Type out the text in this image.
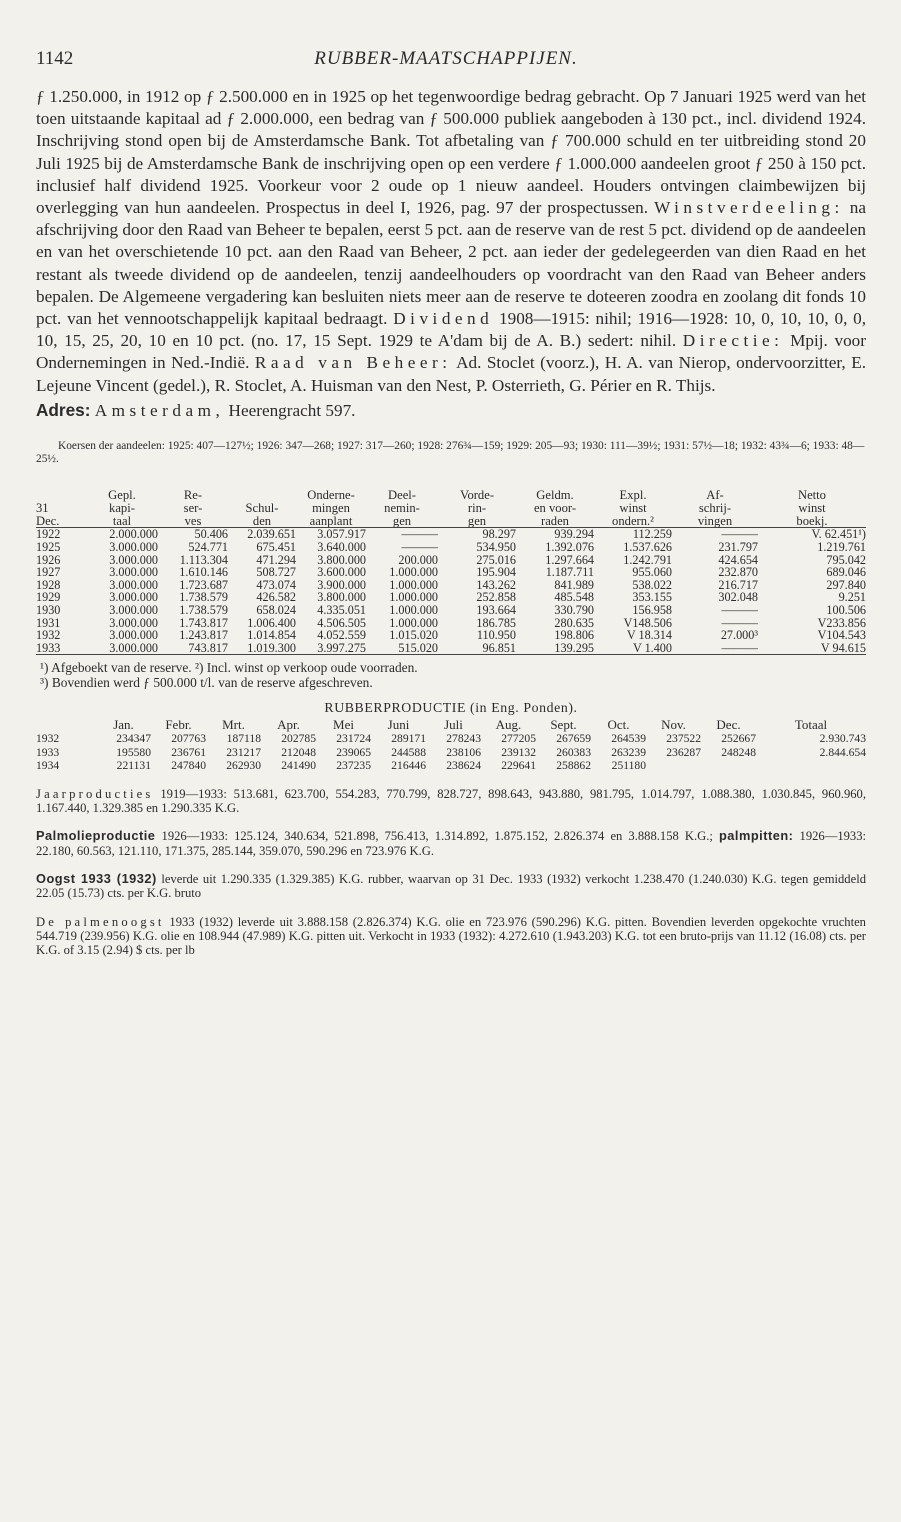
1142	RUBBER-MAATSCHAPPIJEN.

ƒ 1.250.000, in 1912 op ƒ 2.500.000 en in 1925 op het tegenwoordige bedrag gebracht. Op 7 Januari 1925 werd van het toen uitstaande kapitaal ad ƒ 2.000.000, een bedrag van ƒ 500.000 publiek aangeboden à 130 pct., incl. dividend 1924. Inschrijving stond open bij de Amsterdamsche Bank. Tot afbetaling van ƒ 700.000 schuld en ter uitbreiding stond 20 Juli 1925 bij de Amsterdamsche Bank de inschrijving open op een verdere ƒ 1.000.000 aandeelen groot ƒ 250 à 150 pct. inclusief half dividend 1925. Voorkeur voor 2 oude op 1 nieuw aandeel. Houders ontvingen claimbewijzen bij overlegging van hun aandeelen. Prospectus in deel I, 1926, pag. 97 der prospectussen. Winstverdeeling: na afschrijving door den Raad van Beheer te bepalen, eerst 5 pct. aan de reserve van de rest 5 pct. dividend op de aandeelen en van het overschietende 10 pct. aan den Raad van Beheer, 2 pct. aan ieder der gedelegeerden van dien Raad en het restant als tweede dividend op de aandeelen, tenzij aandeelhouders op voordracht van den Raad van Beheer anders bepalen. De Algemeene vergadering kan besluiten niets meer aan de reserve te doteeren zoodra en zoolang dit fonds 10 pct. van het vennootschappelijk kapitaal bedraagt. Dividend 1908—1915: nihil; 1916—1928: 10, 0, 10, 10, 0, 0, 10, 15, 25, 20, 10 en 10 pct. (no. 17, 15 Sept. 1929 te A'dam bij de A. B.) sedert: nihil. Directie: Mpij. voor Ondernemingen in Ned.-Indië. Raad van Beheer: Ad. Stoclet (voorz.), H. A. van Nierop, ondervoorzitter, E. Lejeune Vincent (gedel.), R. Stoclet, A. Huisman van den Nest, P. Osterrieth, G. Périer en R. Thijs.

Adres: Amsterdam, Heerengracht 597.

Koersen der aandeelen: 1925: 407—127½; 1926: 347—268; 1927: 317—260; 1928: 276¾—159; 1929: 205—93; 1930: 111—39½; 1931: 57½—18; 1932: 43¾—6; 1933: 48—25½.

	Gepl.	Re-		Onderne-	Deel-	Vorde-	Geldm.	Expl.	Af-	Netto
31	kapi-	ser-	Schul-	mingen	nemin-	rin-	en voor-	winst	schrij-	winst
Dec.	taal	ves	den	aanplant	gen	gen	raden	ondern.²	vingen	boekj.
1922	2.000.000	50.406	2.039.651	3.057.917	———	98.297	939.294	112.259	———	V. 62.451¹)
1925	3.000.000	524.771	675.451	3.640.000	———	534.950	1.392.076	1.537.626	231.797	1.219.761
1926	3.000.000	1.113.304	471.294	3.800.000	200.000	275.016	1.297.664	1.242.791	424.654	795.042
1927	3.000.000	1.610.146	508.727	3.600.000	1.000.000	195.904	1.187.711	955.060	232.870	689.046
1928	3.000.000	1.723.687	473.074	3.900.000	1.000.000	143.262	841.989	538.022	216.717	297.840
1929	3.000.000	1.738.579	426.582	3.800.000	1.000.000	252.858	485.548	353.155	302.048	9.251
1930	3.000.000	1.738.579	658.024	4.335.051	1.000.000	193.664	330.790	156.958	———	100.506
1931	3.000.000	1.743.817	1.006.400	4.506.505	1.000.000	186.785	280.635	V148.506	———	V233.856
1932	3.000.000	1.243.817	1.014.854	4.052.559	1.015.020	110.950	198.806	V 18.314	27.000³	V104.543
1933	3.000.000	743.817	1.019.300	3.997.275	515.020	96.851	139.295	V 1.400	———	V 94.615
¹) Afgeboekt van de reserve. ²) Incl. winst op verkoop oude voorraden.
³) Bovendien werd ƒ 500.000 t/l. van de reserve afgeschreven.
RUBBERPRODUCTIE (in Eng. Ponden).
	Jan.	Febr.	Mrt.	Apr.	Mei	Juni	Juli	Aug.	Sept.	Oct.	Nov.	Dec.	Totaal
1932	234347	207763	187118	202785	231724	289171	278243	277205	267659	264539	237522	252667	2.930.743
1933	195580	236761	231217	212048	239065	244588	238106	239132	260383	263239	236287	248248	2.844.654
1934	221131	247840	262930	241490	237235	216446	238624	229641	258862	251180			

Jaarproducties 1919—1933: 513.681, 623.700, 554.283, 770.799, 828.727, 898.643, 943.880, 981.795, 1.014.797, 1.088.380, 1.030.845, 960.960, 1.167.440, 1.329.385 en 1.290.335 K.G.

Palmolieproductie 1926—1933: 125.124, 340.634, 521.898, 756.413, 1.314.892, 1.875.152, 2.826.374 en 3.888.158 K.G.; palmpitten: 1926—1933: 22.180, 60.563, 121.110, 171.375, 285.144, 359.070, 590.296 en 723.976 K.G.

Oogst 1933 (1932) leverde uit 1.290.335 (1.329.385) K.G. rubber, waarvan op 31 Dec. 1933 (1932) verkocht 1.238.470 (1.240.030) K.G. tegen gemiddeld 22.05 (15.73) cts. per K.G. bruto

De palmenoogst 1933 (1932) leverde uit 3.888.158 (2.826.374) K.G. olie en 723.976 (590.296) K.G. pitten. Bovendien leverden opgekochte vruchten 544.719 (239.956) K.G. olie en 108.944 (47.989) K.G. pitten uit. Verkocht in 1933 (1932): 4.272.610 (1.943.203) K.G. tot een bruto-prijs van 11.12 (16.08) cts. per K.G. of 3.15 (2.94) $ cts. per lb
